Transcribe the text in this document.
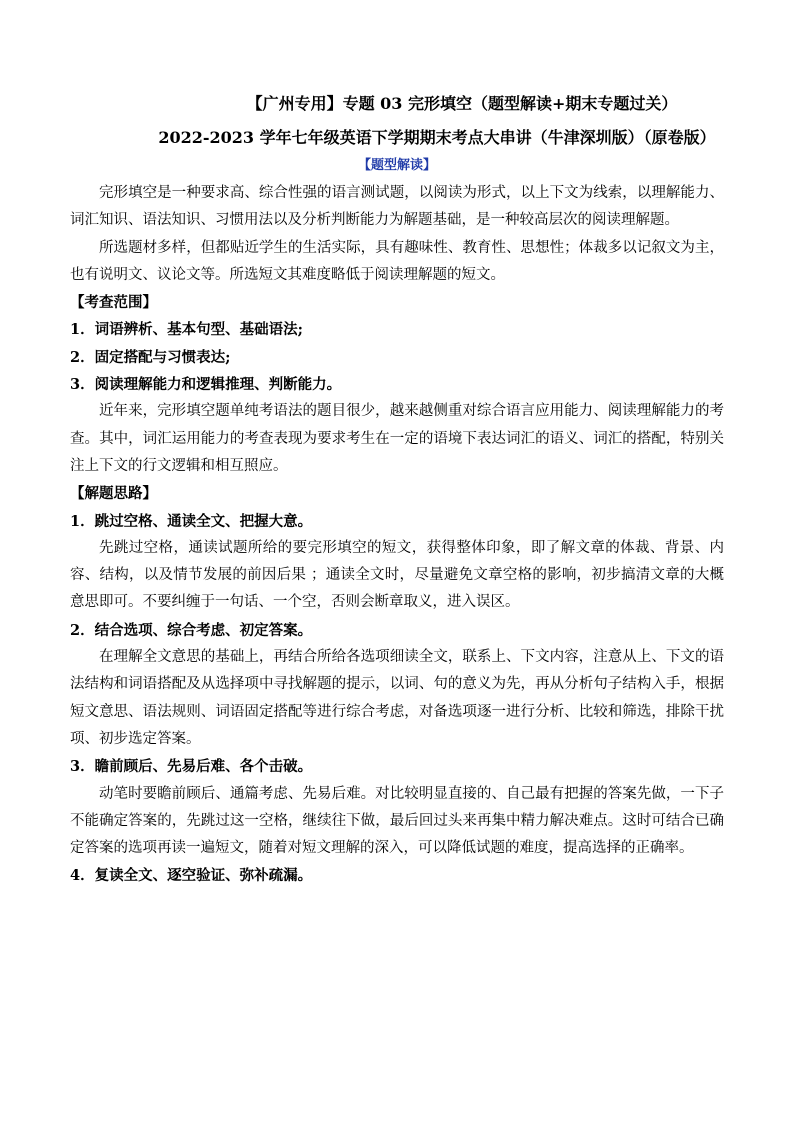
【广州专用】专题 03 完形填空（题型解读+期末专题过关）
2022-2023 学年七年级英语下学期期末考点大串讲（牛津深圳版）（原卷版）
【题型解读】

完形填空是一种要求高、综合性强的语言测试题，以阅读为形式，以上下文为线索，以理解能力、词汇知识、语法知识、习惯用法以及分析判断能力为解题基础，是一种较高层次的阅读理解题。

所选题材多样，但都贴近学生的生活实际，具有趣味性、教育性、思想性；体裁多以记叙文为主，也有说明文、议论文等。所选短文其难度略低于阅读理解题的短文。

【考查范围】

1．词语辨析、基本句型、基础语法;

2．固定搭配与习惯表达;

3．阅读理解能力和逻辑推理、判断能力。

近年来，完形填空题单纯考语法的题目很少，越来越侧重对综合语言应用能力、阅读理解能力的考查。其中，词汇运用能力的考查表现为要求考生在一定的语境下表达词汇的语义、词汇的搭配，特别关注上下文的行文逻辑和相互照应。

【解题思路】

1．跳过空格、通读全文、把握大意。

先跳过空格，通读试题所给的要完形填空的短文，获得整体印象，即了解文章的体裁、背景、内容、结构，以及情节发展的前因后果 ；通读全文时，尽量避免文章空格的影响，初步搞清文章的大概意思即可。不要纠缠于一句话、一个空，否则会断章取义，进入误区。

2．结合选项、综合考虑、初定答案。

在理解全文意思的基础上，再结合所给各选项细读全文，联系上、下文内容，注意从上、下文的语法结构和词语搭配及从选择项中寻找解题的提示，以词、句的意义为先，再从分析句子结构入手，根据短文意思、语法规则、词语固定搭配等进行综合考虑，对备选项逐一进行分析、比较和筛选，排除干扰项、初步选定答案。

3．瞻前顾后、先易后难、各个击破。

动笔时要瞻前顾后、通篇考虑、先易后难。对比较明显直接的、自己最有把握的答案先做，一下子不能确定答案的，先跳过这一空格，继续往下做，最后回过头来再集中精力解决难点。这时可结合已确定答案的选项再读一遍短文，随着对短文理解的深入，可以降低试题的难度，提高选择的正确率。

4．复读全文、逐空验证、弥补疏漏。
